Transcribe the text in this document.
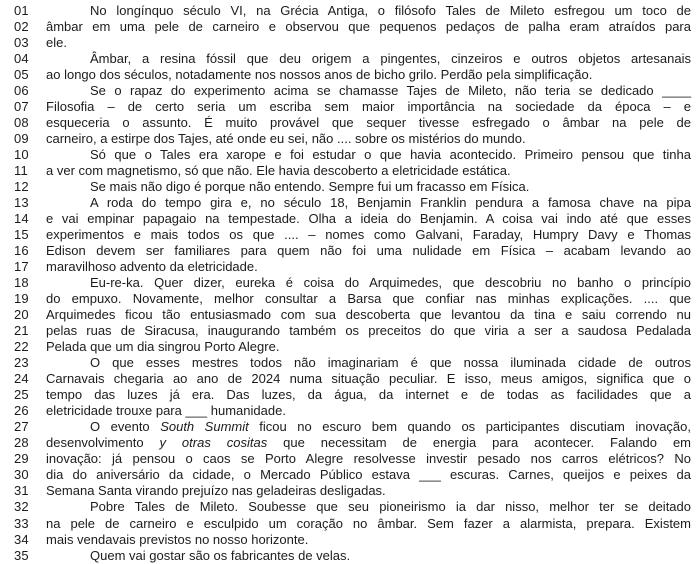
01	No longínquo século VI, na Grécia Antiga, o filósofo Tales de Mileto esfregou um toco de
02	âmbar em uma pele de carneiro e observou que pequenos pedaços de palha eram atraídos para
03	ele.
04	Âmbar, a resina fóssil que deu origem a pingentes, cinzeiros e outros objetos artesanais
05	ao longo dos séculos, notadamente nos nossos anos de bicho grilo. Perdão pela simplificação.
06	Se o rapaz do experimento acima se chamasse Tajes de Mileto, não teria se dedicado ____
07	Filosofia – de certo seria um escriba sem maior importância na sociedade da época – e
08	esqueceria o assunto. É muito provável que sequer tivesse esfregado o âmbar na pele de
09	carneiro, a estirpe dos Tajes, até onde eu sei, não .... sobre os mistérios do mundo.
10	Só que o Tales era xarope e foi estudar o que havia acontecido. Primeiro pensou que tinha
11	a ver com magnetismo, só que não. Ele havia descoberto a eletricidade estática.
12	Se mais não digo é porque não entendo. Sempre fui um fracasso em Física.
13	A roda do tempo gira e, no século 18, Benjamin Franklin pendura a famosa chave na pipa
14	e vai empinar papagaio na tempestade. Olha a ideia do Benjamin. A coisa vai indo até que esses
15	experimentos e mais todos os que .... – nomes como Galvani, Faraday, Humpry Davy e Thomas
16	Edison devem ser familiares para quem não foi uma nulidade em Física – acabam levando ao
17	maravilhoso advento da eletricidade.
18	Eu-re-ka. Quer dizer, eureka é coisa do Arquimedes, que descobriu no banho o princípio
19	do empuxo. Novamente, melhor consultar a Barsa que confiar nas minhas explicações. .... que
20	Arquimedes ficou tão entusiasmado com sua descoberta que levantou da tina e saiu correndo nu
21	pelas ruas de Siracusa, inaugurando também os preceitos do que viria a ser a saudosa Pedalada
22	Pelada que um dia singrou Porto Alegre.
23	O que esses mestres todos não imaginariam é que nossa iluminada cidade de outros
24	Carnavais chegaria ao ano de 2024 numa situação peculiar. E isso, meus amigos, significa que o
25	tempo das luzes já era. Das luzes, da água, da internet e de todas as facilidades que a
26	eletricidade trouxe para ___ humanidade.
27	O evento South Summit ficou no escuro bem quando os participantes discutiam inovação,
28	desenvolvimento y otras cositas que necessitam de energia para acontecer. Falando em
29	inovação: já pensou o caos se Porto Alegre resolvesse investir pesado nos carros elétricos? No
30	dia do aniversário da cidade, o Mercado Público estava ___ escuras. Carnes, queijos e peixes da
31	Semana Santa virando prejuízo nas geladeiras desligadas.
32	Pobre Tales de Mileto. Soubesse que seu pioneirismo ia dar nisso, melhor ter se deitado
33	na pele de carneiro e esculpido um coração no âmbar. Sem fazer a alarmista, prepara. Existem
34	mais vendavais previstos no nosso horizonte.
35	Quem vai gostar são os fabricantes de velas.
